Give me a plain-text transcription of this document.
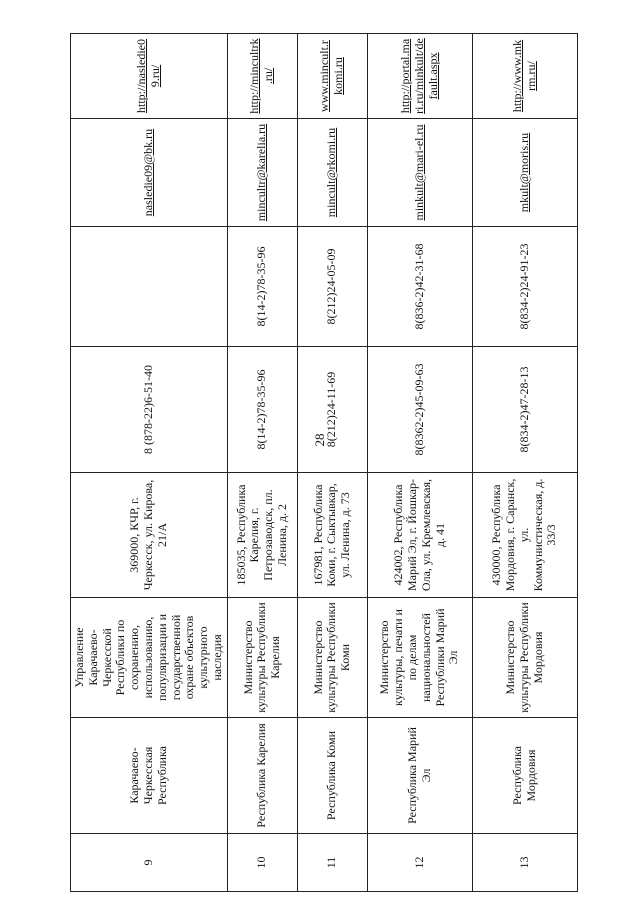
28
9	Карачаево-Черкесская Республика	Управление Карачаево-Черкесской Республики по сохранению, использованию, популяризации и государственной охране объектов культурного наследия	369000, КЧР, г. Черкесск, ул. Кирова, 21/А	8 (878-22)6-51-40		nasledie09@bk.ru	http://nasledie09.ru/
10	Республика Карелия	Министерство культуры Республики Карелия	185035, Республика Карелия, г. Петрозаводск, пл. Ленина, д. 2	8(14-2)78-35-96	8(14-2)78-35-96	mincultr@karelia.ru	http://mincultrk.ru/
11	Республика Коми	Министерство культуры Республики Коми	167981, Республика Коми, г. Сыктывкар, ул. Ленина, д. 73	8(212)24-11-69	8(212)24-05-09	mincult@rkomi.ru	www.mincult.rkomi.ru
12	Республика Марий Эл	Министерство культуры, печати и по делам национальностей Республики Марий Эл	424002, Республика Марий Эл, г. Йошкар-Ола, ул. Кремлевская, д. 41	8(8362-2)45-09-63	8(836-2)42-31-68	minkult@mari-el.ru	http://portal.mari.ru/minkult/default.aspx
13	Республика Мордовия	Министерство культуры Республики Мордовия	430000, Республика Мордовия, г. Саранск, ул. Коммунистическая, д. 33/3	8(834-2)47-28-13	8(834-2)24-91-23	mkult@moris.ru	http://www.mkrm.ru/
